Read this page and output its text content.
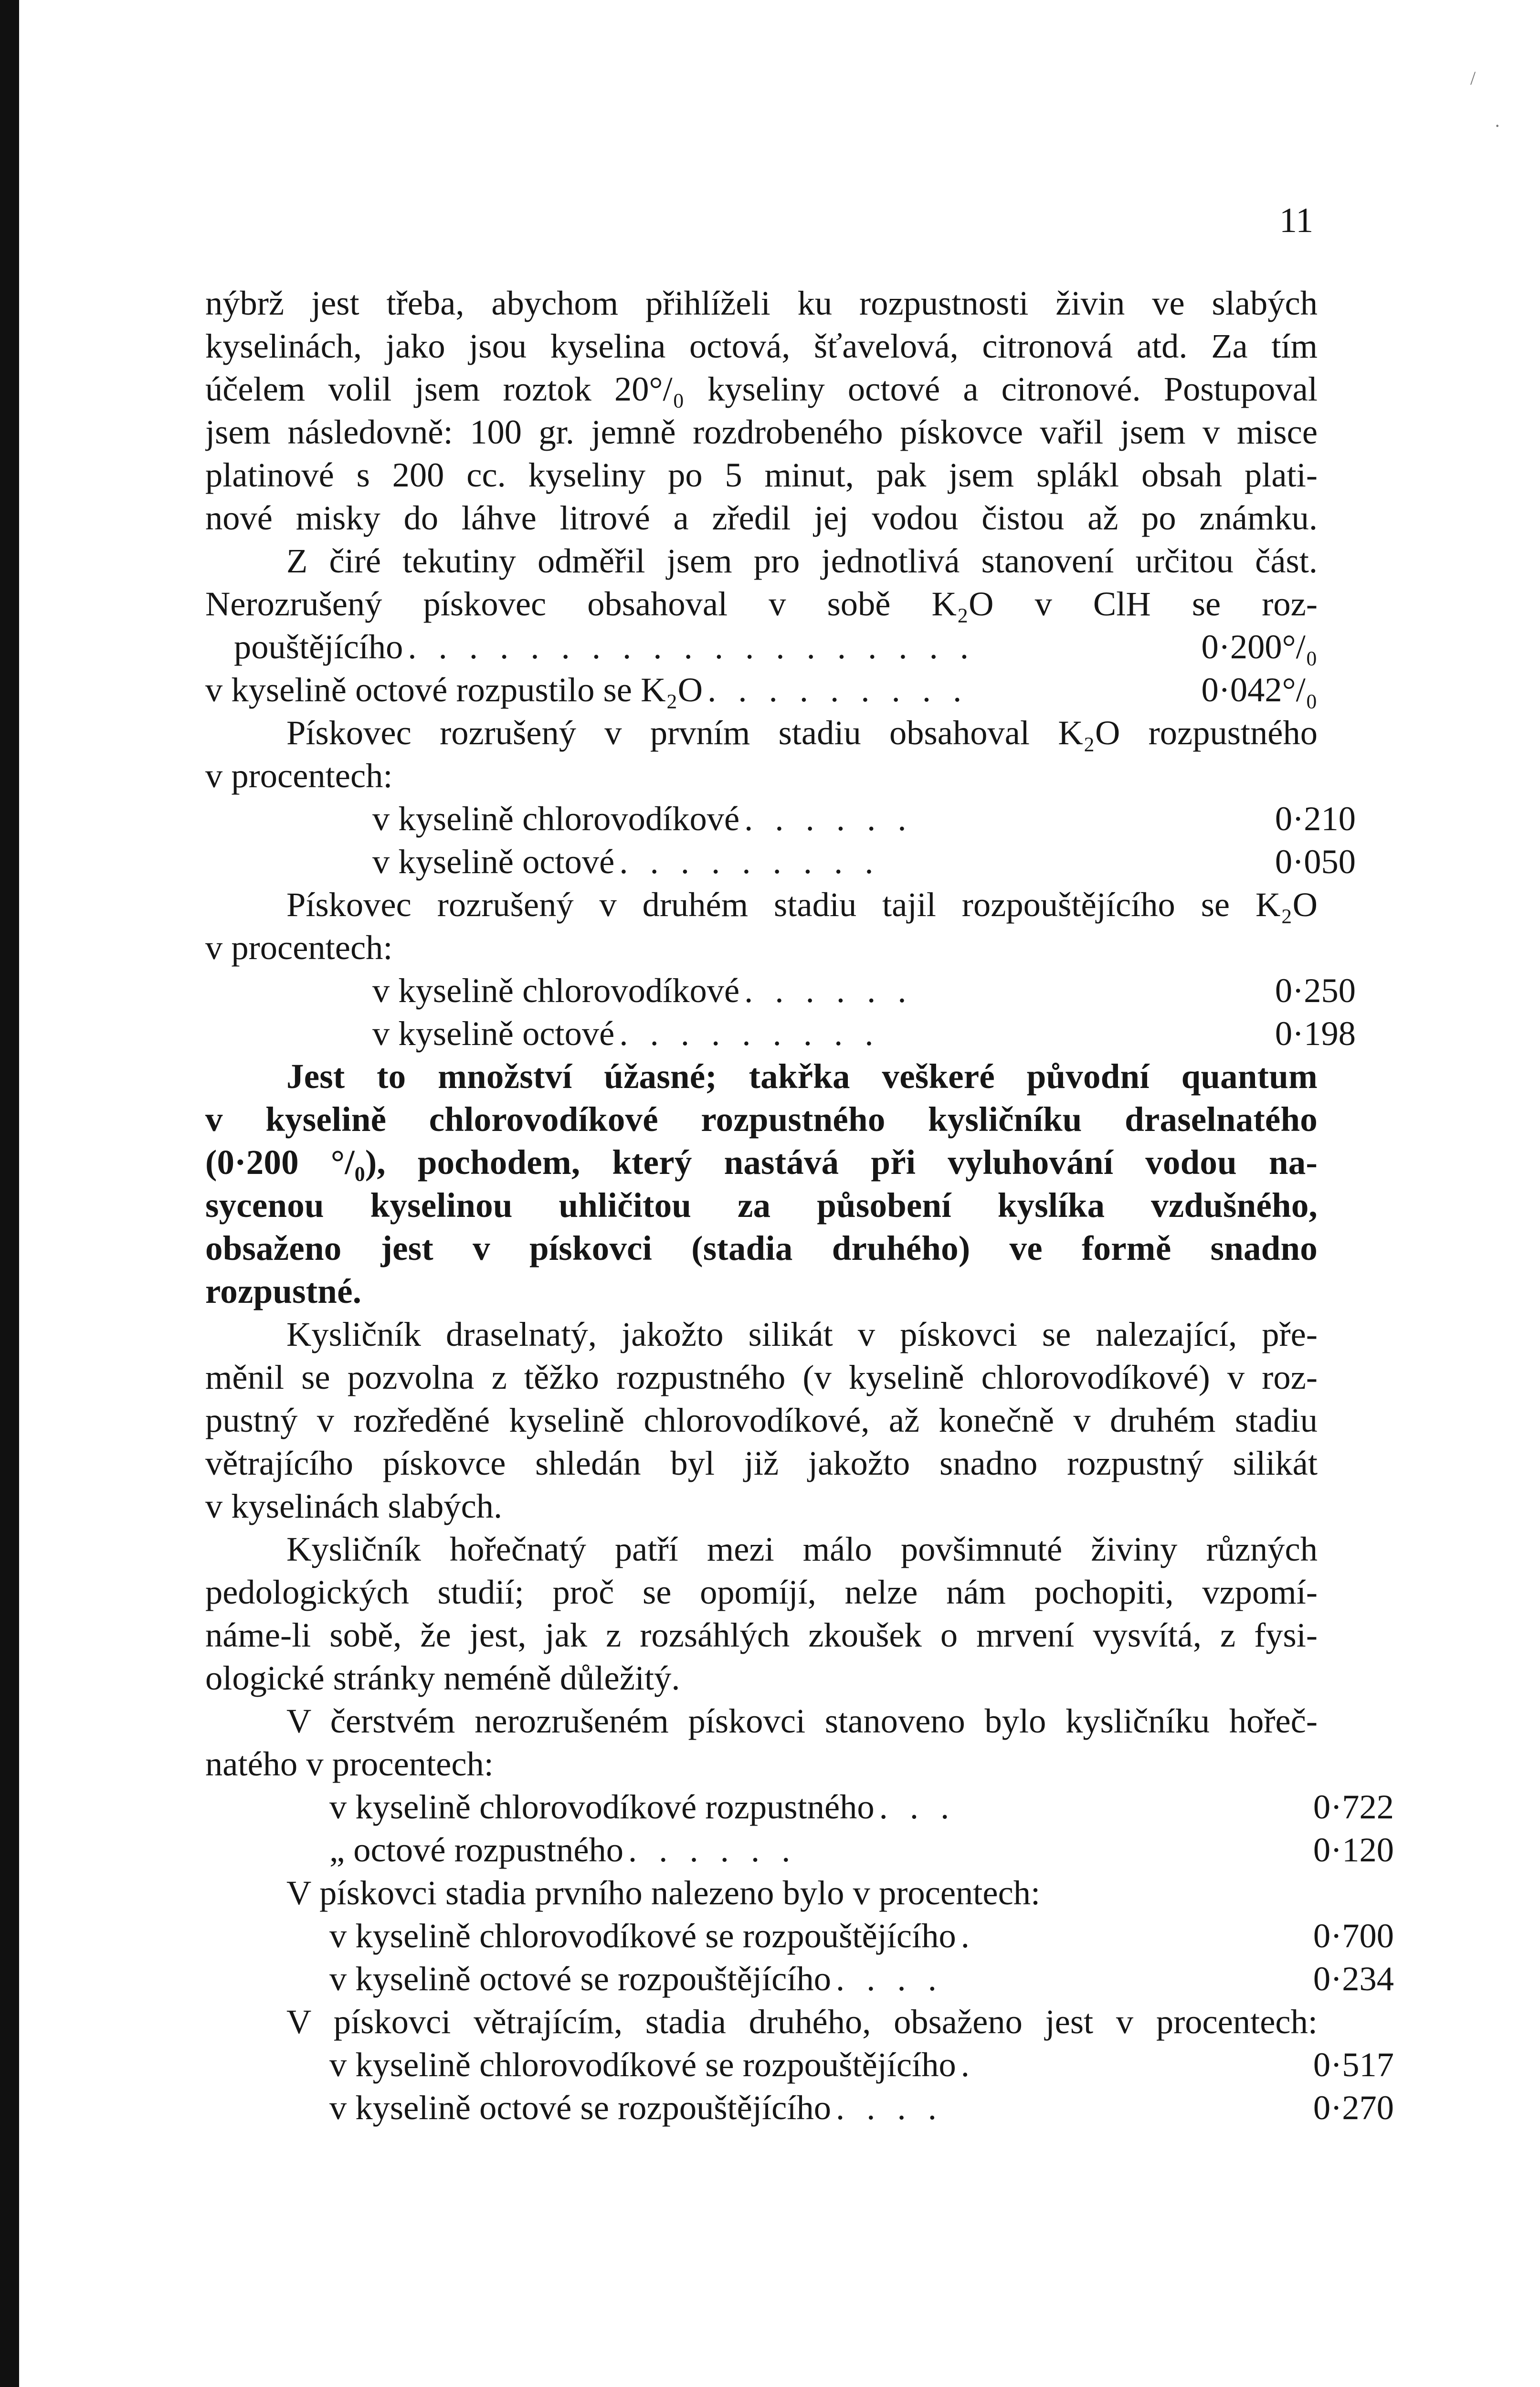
11
/
·
nýbrž jest třeba, abychom přihlíželi ku rozpustnosti živin ve slabých
kyselinách, jako jsou kyselina octová, šťavelová, citronová atd. Za tím
účelem volil jsem roztok 20°/₀ kyseliny octové a citronové. Postupoval
jsem následovně: 100 gr. jemně rozdrobeného pískovce vařil jsem v misce
platinové s 200 cc. kyseliny po 5 minut, pak jsem splákl obsah plati-
nové misky do láhve litrové a zředil jej vodou čistou až po známku.
Z čiré tekutiny odměřil jsem pro jednotlivá stanovení určitou část.
Nerozrušený pískovec obsahoval v sobě K₂O v ClH se roz-
pouštějícího . . . . . . . . . . . . . . . . . . .	0·200°/₀
v kyselině octové rozpustilo se K₂O . . . . . . . . .	0·042°/₀
Pískovec rozrušený v prvním stadiu obsahoval K₂O rozpustného
v procentech:
v kyselině chlorovodíkové . . . . . .	0·210
v kyselině octové . . . . . . . . .	0·050
Pískovec rozrušený v druhém stadiu tajil rozpouštějícího se K₂O
v procentech:
v kyselině chlorovodíkové . . . . . .	0·250
v kyselině octové . . . . . . . . .	0·198
Jest to množství úžasné; takřka veškeré původní quantum
v kyselině chlorovodíkové rozpustného kysličníku draselnatého
(0·200 °/₀), pochodem, který nastává při vyluhování vodou na-
sycenou kyselinou uhličitou za působení kyslíka vzdušného,
obsaženo jest v pískovci (stadia druhého) ve formě snadno
rozpustné.
Kysličník draselnatý, jakožto silikát v pískovci se nalezající, pře-
měnil se pozvolna z těžko rozpustného (v kyselině chlorovodíkové) v roz-
pustný v rozředěné kyselině chlorovodíkové, až konečně v druhém stadiu
větrajícího pískovce shledán byl již jakožto snadno rozpustný silikát
v kyselinách slabých.
Kysličník hořečnatý patří mezi málo povšimnuté živiny různých
pedologických studií; proč se opomíjí, nelze nám pochopiti, vzpomí-
náme-li sobě, že jest, jak z rozsáhlých zkoušek o mrvení vysvítá, z fysi-
ologické stránky neméně důležitý.
V čerstvém nerozrušeném pískovci stanoveno bylo kysličníku hořeč-
natého v procentech:
v kyselině chlorovodíkové rozpustného . . .	0·722
„ octové rozpustného . . . . . .	0·120
V pískovci stadia prvního nalezeno bylo v procentech:
v kyselině chlorovodíkové se rozpouštějícího .	0·700
v kyselině octové se rozpouštějícího . . . .	0·234
V pískovci větrajícím, stadia druhého, obsaženo jest v procentech:
v kyselině chlorovodíkové se rozpouštějícího .	0·517
v kyselině octové se rozpouštějícího . . . .	0·270
